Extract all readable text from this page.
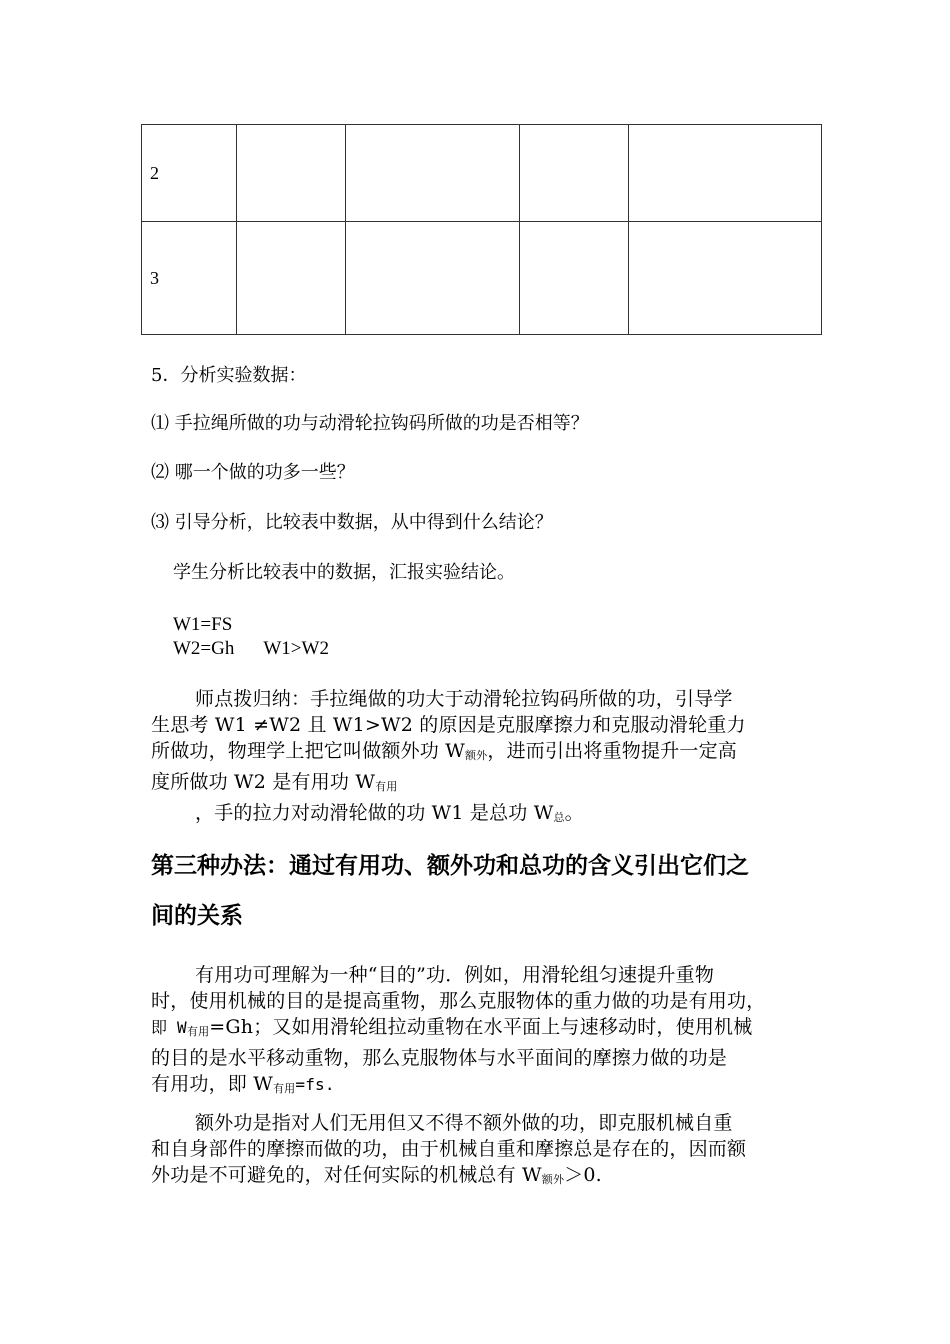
2				
3				
5．分析实验数据：
⑴ 手拉绳所做的功与动滑轮拉钩码所做的功是否相等？
⑵ 哪一个做的功多一些？
⑶ 引导分析，比较表中数据，从中得到什么结论？
学生分析比较表中的数据，汇报实验结论。
W1=FS
W2=Gh W1>W2
师点拨归纳：手拉绳做的功大于动滑轮拉钩码所做的功，引导学
生思考 W1 ≠W2 且 W1>W2 的原因是克服摩擦力和克服动滑轮重力
所做功，物理学上把它叫做额外功 W额外，进而引出将重物提升一定高
度所做功 W2 是有用功 W有用
，手的拉力对动滑轮做的功 W1 是总功 W总。
第三种办法：通过有用功、额外功和总功的含义引出它们之
间的关系
有用功可理解为一种“目的”功．例如，用滑轮组匀速提升重物
时，使用机械的目的是提高重物，那么克服物体的重力做的功是有用功，
即 W有用=Gh；又如用滑轮组拉动重物在水平面上与速移动时，使用机械
的目的是水平移动重物，那么克服物体与水平面间的摩擦力做的功是
有用功，即 W有用=fs.
额外功是指对人们无用但又不得不额外做的功，即克服机械自重
和自身部件的摩擦而做的功，由于机械自重和摩擦总是存在的，因而额
外功是不可避免的，对任何实际的机械总有 W额外＞0.
